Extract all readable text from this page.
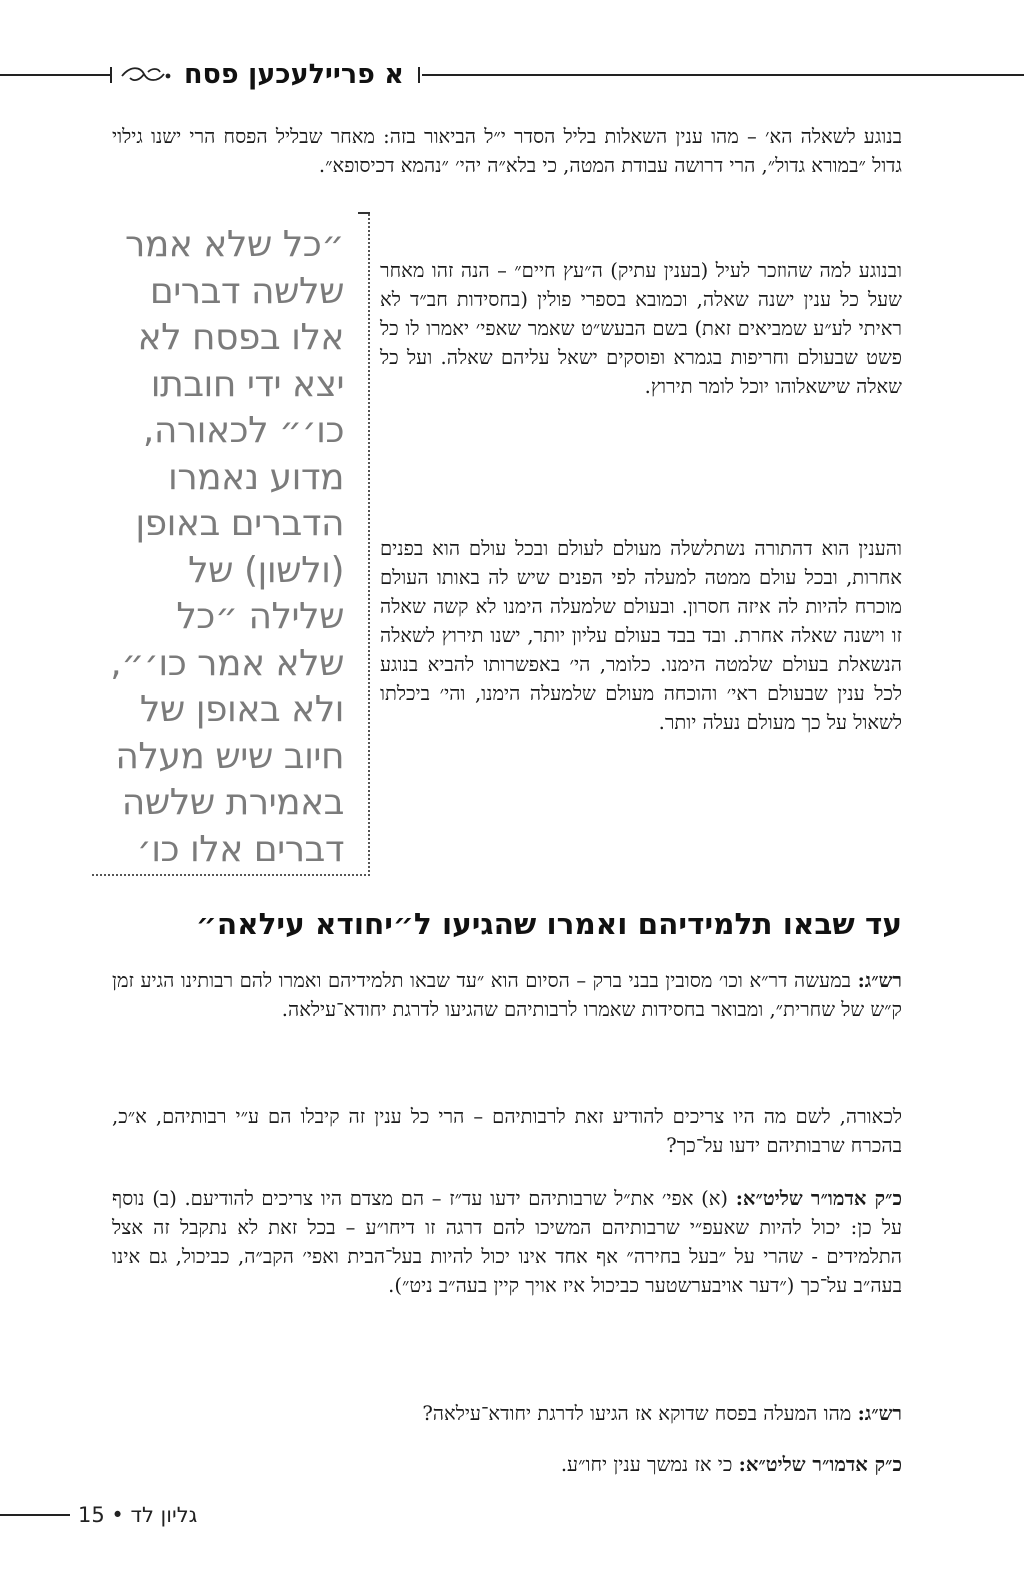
א פריילעכען פסח

בנוגע לשאלה הא׳ – מהו ענין השאלות בליל הסדר י״ל הביאור בזה: מאחר שבליל הפסח הרי ישנו גילוי גדול ״במורא גדול״, הרי דרושה עבודת המטה, כי בלא״ה יהי׳ ״נהמא דכיסופא״.

״כל שלא אמר שלשה דברים אלו בפסח לא יצא ידי חובתו כו׳״ לכאורה, מדוע נאמרו הדברים באופן (ולשון) של שלילה ״כל שלא אמר כו׳״, ולא באופן של חיוב שיש מעלה באמירת שלשה דברים אלו כו׳

ובנוגע למה שהוזכר לעיל (בענין עתיק) ה״עץ חיים״ – הנה זהו מאחר שעל כל ענין ישנה שאלה, וכמובא בספרי פולין (בחסידות חב״ד לא ראיתי לע״ע שמביאים זאת) בשם הבעש״ט שאמר שאפי׳ יאמרו לו כל פשט שבעולם וחריפות בגמרא ופוסקים ישאל עליהם שאלה. ועל כל שאלה שישאלוהו יוכל לומר תירוץ.

והענין הוא דהתורה נשתלשלה מעולם לעולם ובכל עולם הוא בפנים אחרות, ובכל עולם ממטה למעלה לפי הפנים שיש לה באותו העולם מוכרח להיות לה איזה חסרון. ובעולם שלמעלה הימנו לא קשה שאלה זו וישנה שאלה אחרת. ובד בבד בעולם עליון יותר, ישנו תירוץ לשאלה הנשאלת בעולם שלמטה הימנו. כלומר, הי׳ באפשרותו להביא בנוגע לכל ענין שבעולם ראי׳ והוכחה מעולם שלמעלה הימנו, והי׳ ביכלתו לשאול על כך מעולם נעלה יותר.

עד שבאו תלמידיהם ואמרו שהגיעו ל״יחודא עילאה״

רש״ג: במעשה דר״א וכו׳ מסובין בבני ברק – הסיום הוא ״עד שבאו תלמידיהם ואמרו להם רבותינו הגיע זמן ק״ש של שחרית״, ומבואר בחסידות שאמרו לרבותיהם שהגיעו לדרגת יחודא־עילאה.

לכאורה, לשם מה היו צריכים להודיע זאת לרבותיהם – הרי כל ענין זה קיבלו הם ע״י רבותיהם, א״כ, בהכרח שרבותיהם ידעו על־כך?

כ״ק אדמו״ר שליט״א: (א) אפי׳ את״ל שרבותיהם ידעו עד״ז – הם מצדם היו צריכים להודיעם. (ב) נוסף על כן: יכול להיות שאעפ״י שרבותיהם המשיכו להם דרגה זו דיחו״ע – בכל זאת לא נתקבל זה אצל התלמידים - שהרי על ״בעל בחירה״ אף אחד אינו יכול להיות בעל־הבית ואפי׳ הקב״ה, כביכול, גם אינו בעה״ב על־כך (״דער אויבערשטער כביכול איז אויך קיין בעה״ב ניט״).

רש״ג: מהו המעלה בפסח שדוקא אז הגיעו לדרגת יחודא־עילאה?

כ״ק אדמו״ר שליט״א: כי אז נמשך ענין יחו״ע.

גליון לד • 15
